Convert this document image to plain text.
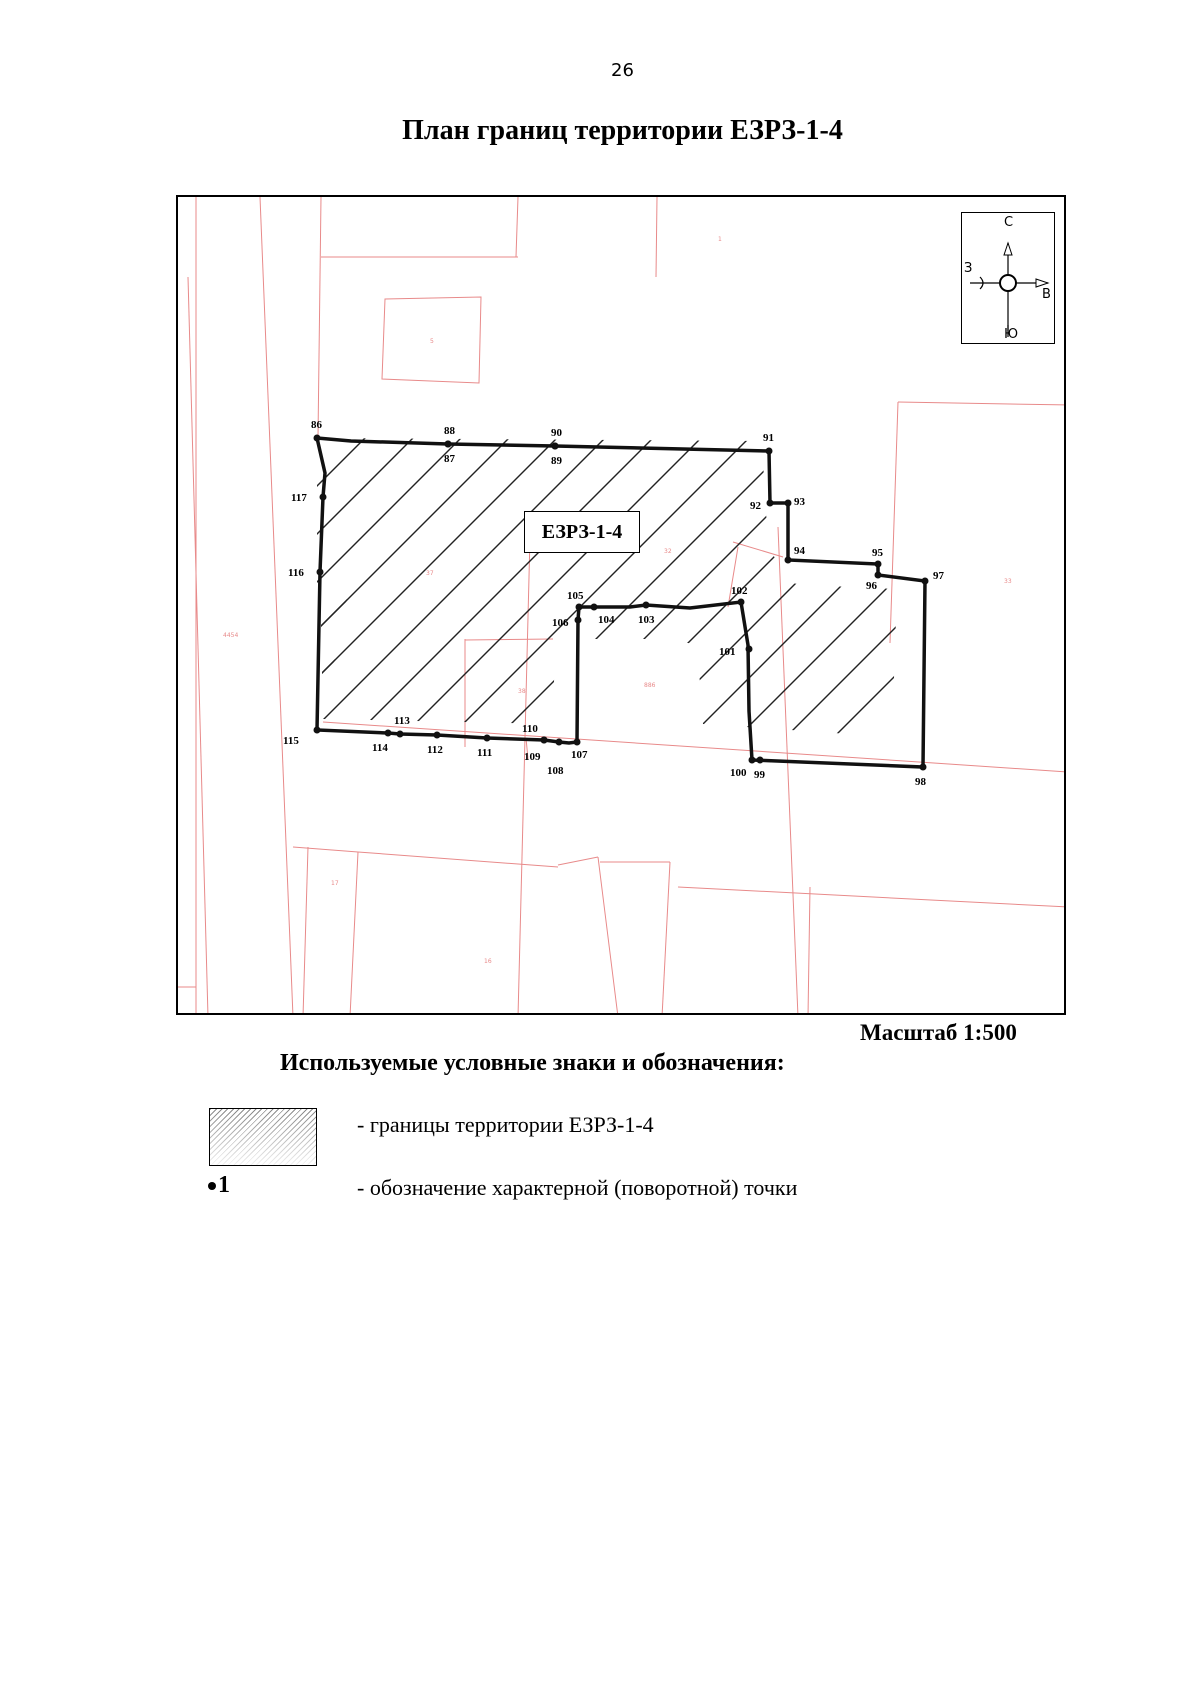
26
План границ территории ЕЗРЗ-1-4
4454
5
1
37
32
38
886
33
17
16
86
87
88
89
90	91
92	93
94	95
96
97
98
99
100
101
102
103
104
105
106
107
108
109
110
111
112
113
114
115
116
117
С
З
В
Ю
ЕЗРЗ-1-4
Масштаб 1:500
Используемые условные знаки и обозначения:
- границы территории ЕЗРЗ-1-4
1	- обозначение характерной (поворотной) точки
